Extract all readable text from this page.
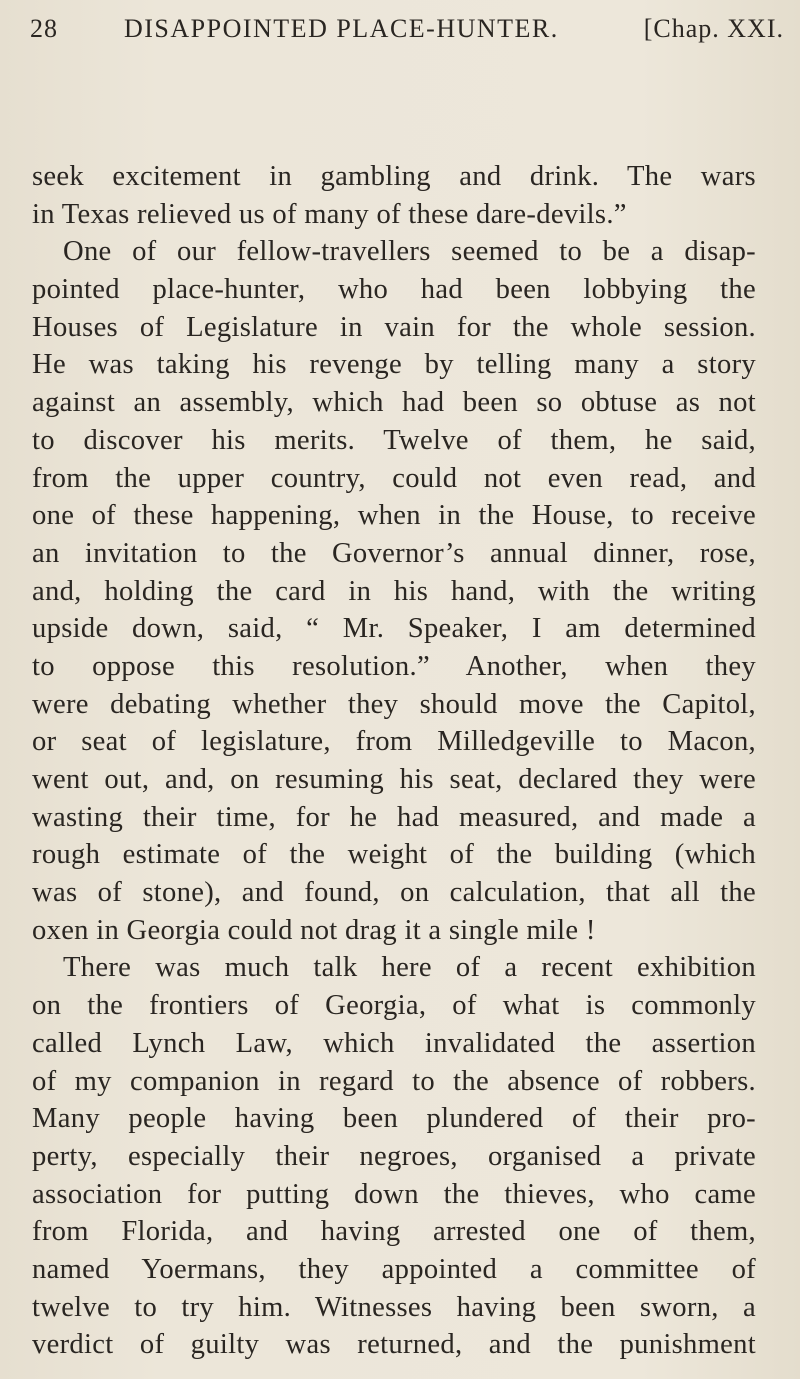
28	DISAPPOINTED PLACE-HUNTER.	[Chap. XXI.
seek excitement in gambling and drink. The wars
in Texas relieved us of many of these dare-devils.”
One of our fellow-travellers seemed to be a disap-
pointed place-hunter, who had been lobbying the
Houses of Legislature in vain for the whole session.
He was taking his revenge by telling many a story
against an assembly, which had been so obtuse as not
to discover his merits. Twelve of them, he said,
from the upper country, could not even read, and
one of these happening, when in the House, to receive
an invitation to the Governor’s annual dinner, rose,
and, holding the card in his hand, with the writing
upside down, said, “ Mr. Speaker, I am determined
to oppose this resolution.” Another, when they
were debating whether they should move the Capitol,
or seat of legislature, from Milledgeville to Macon,
went out, and, on resuming his seat, declared they were
wasting their time, for he had measured, and made a
rough estimate of the weight of the building (which
was of stone), and found, on calculation, that all the
oxen in Georgia could not drag it a single mile !
There was much talk here of a recent exhibition
on the frontiers of Georgia, of what is commonly
called Lynch Law, which invalidated the assertion
of my companion in regard to the absence of robbers.
Many people having been plundered of their pro-
perty, especially their negroes, organised a private
association for putting down the thieves, who came
from Florida, and having arrested one of them,
named Yoermans, they appointed a committee of
twelve to try him. Witnesses having been sworn, a
verdict of guilty was returned, and the punishment
